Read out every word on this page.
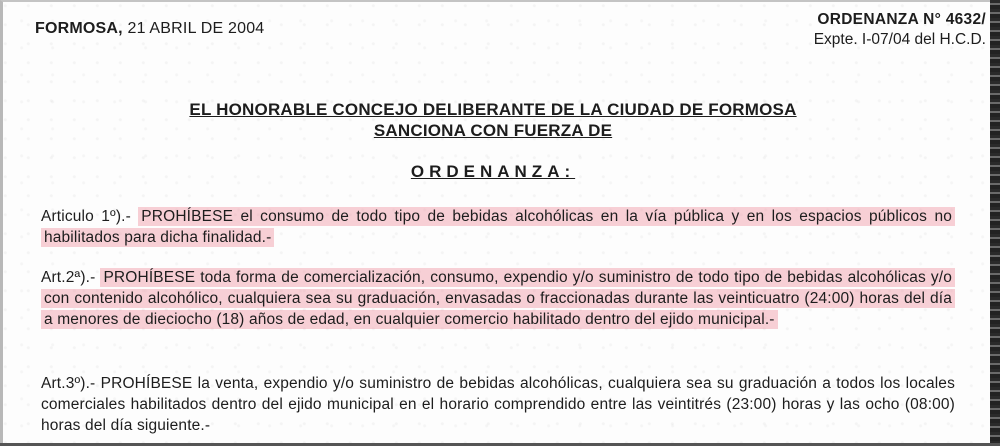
FORMOSA, 21 ABRIL DE 2004
ORDENANZA N° 4632/
Expte. I-07/04 del H.C.D.
EL HONORABLE CONCEJO DELIBERANTE DE LA CIUDAD DE FORMOSA
SANCIONA CON FUERZA DE
ORDENANZA:
Articulo 1º).- PROHÍBESE el consumo de todo tipo de bebidas alcohólicas en la vía pública y en los espacios públicos no habilitados para dicha finalidad.-
Art.2ª).- PROHÍBESE toda forma de comercialización, consumo, expendio y/o suministro de todo tipo de bebidas alcohólicas y/o con contenido alcohólico, cualquiera sea su graduación, envasadas o fraccionadas durante las veinticuatro (24:00) horas del día a menores de dieciocho (18) años de edad, en cualquier comercio habilitado dentro del ejido municipal.-
Art.3º).- PROHÍBESE la venta, expendio y/o suministro de bebidas alcohólicas, cualquiera sea su graduación a todos los locales comerciales habilitados dentro del ejido municipal en el horario comprendido entre las veintitrés (23:00) horas y las ocho (08:00) horas del día siguiente.-
